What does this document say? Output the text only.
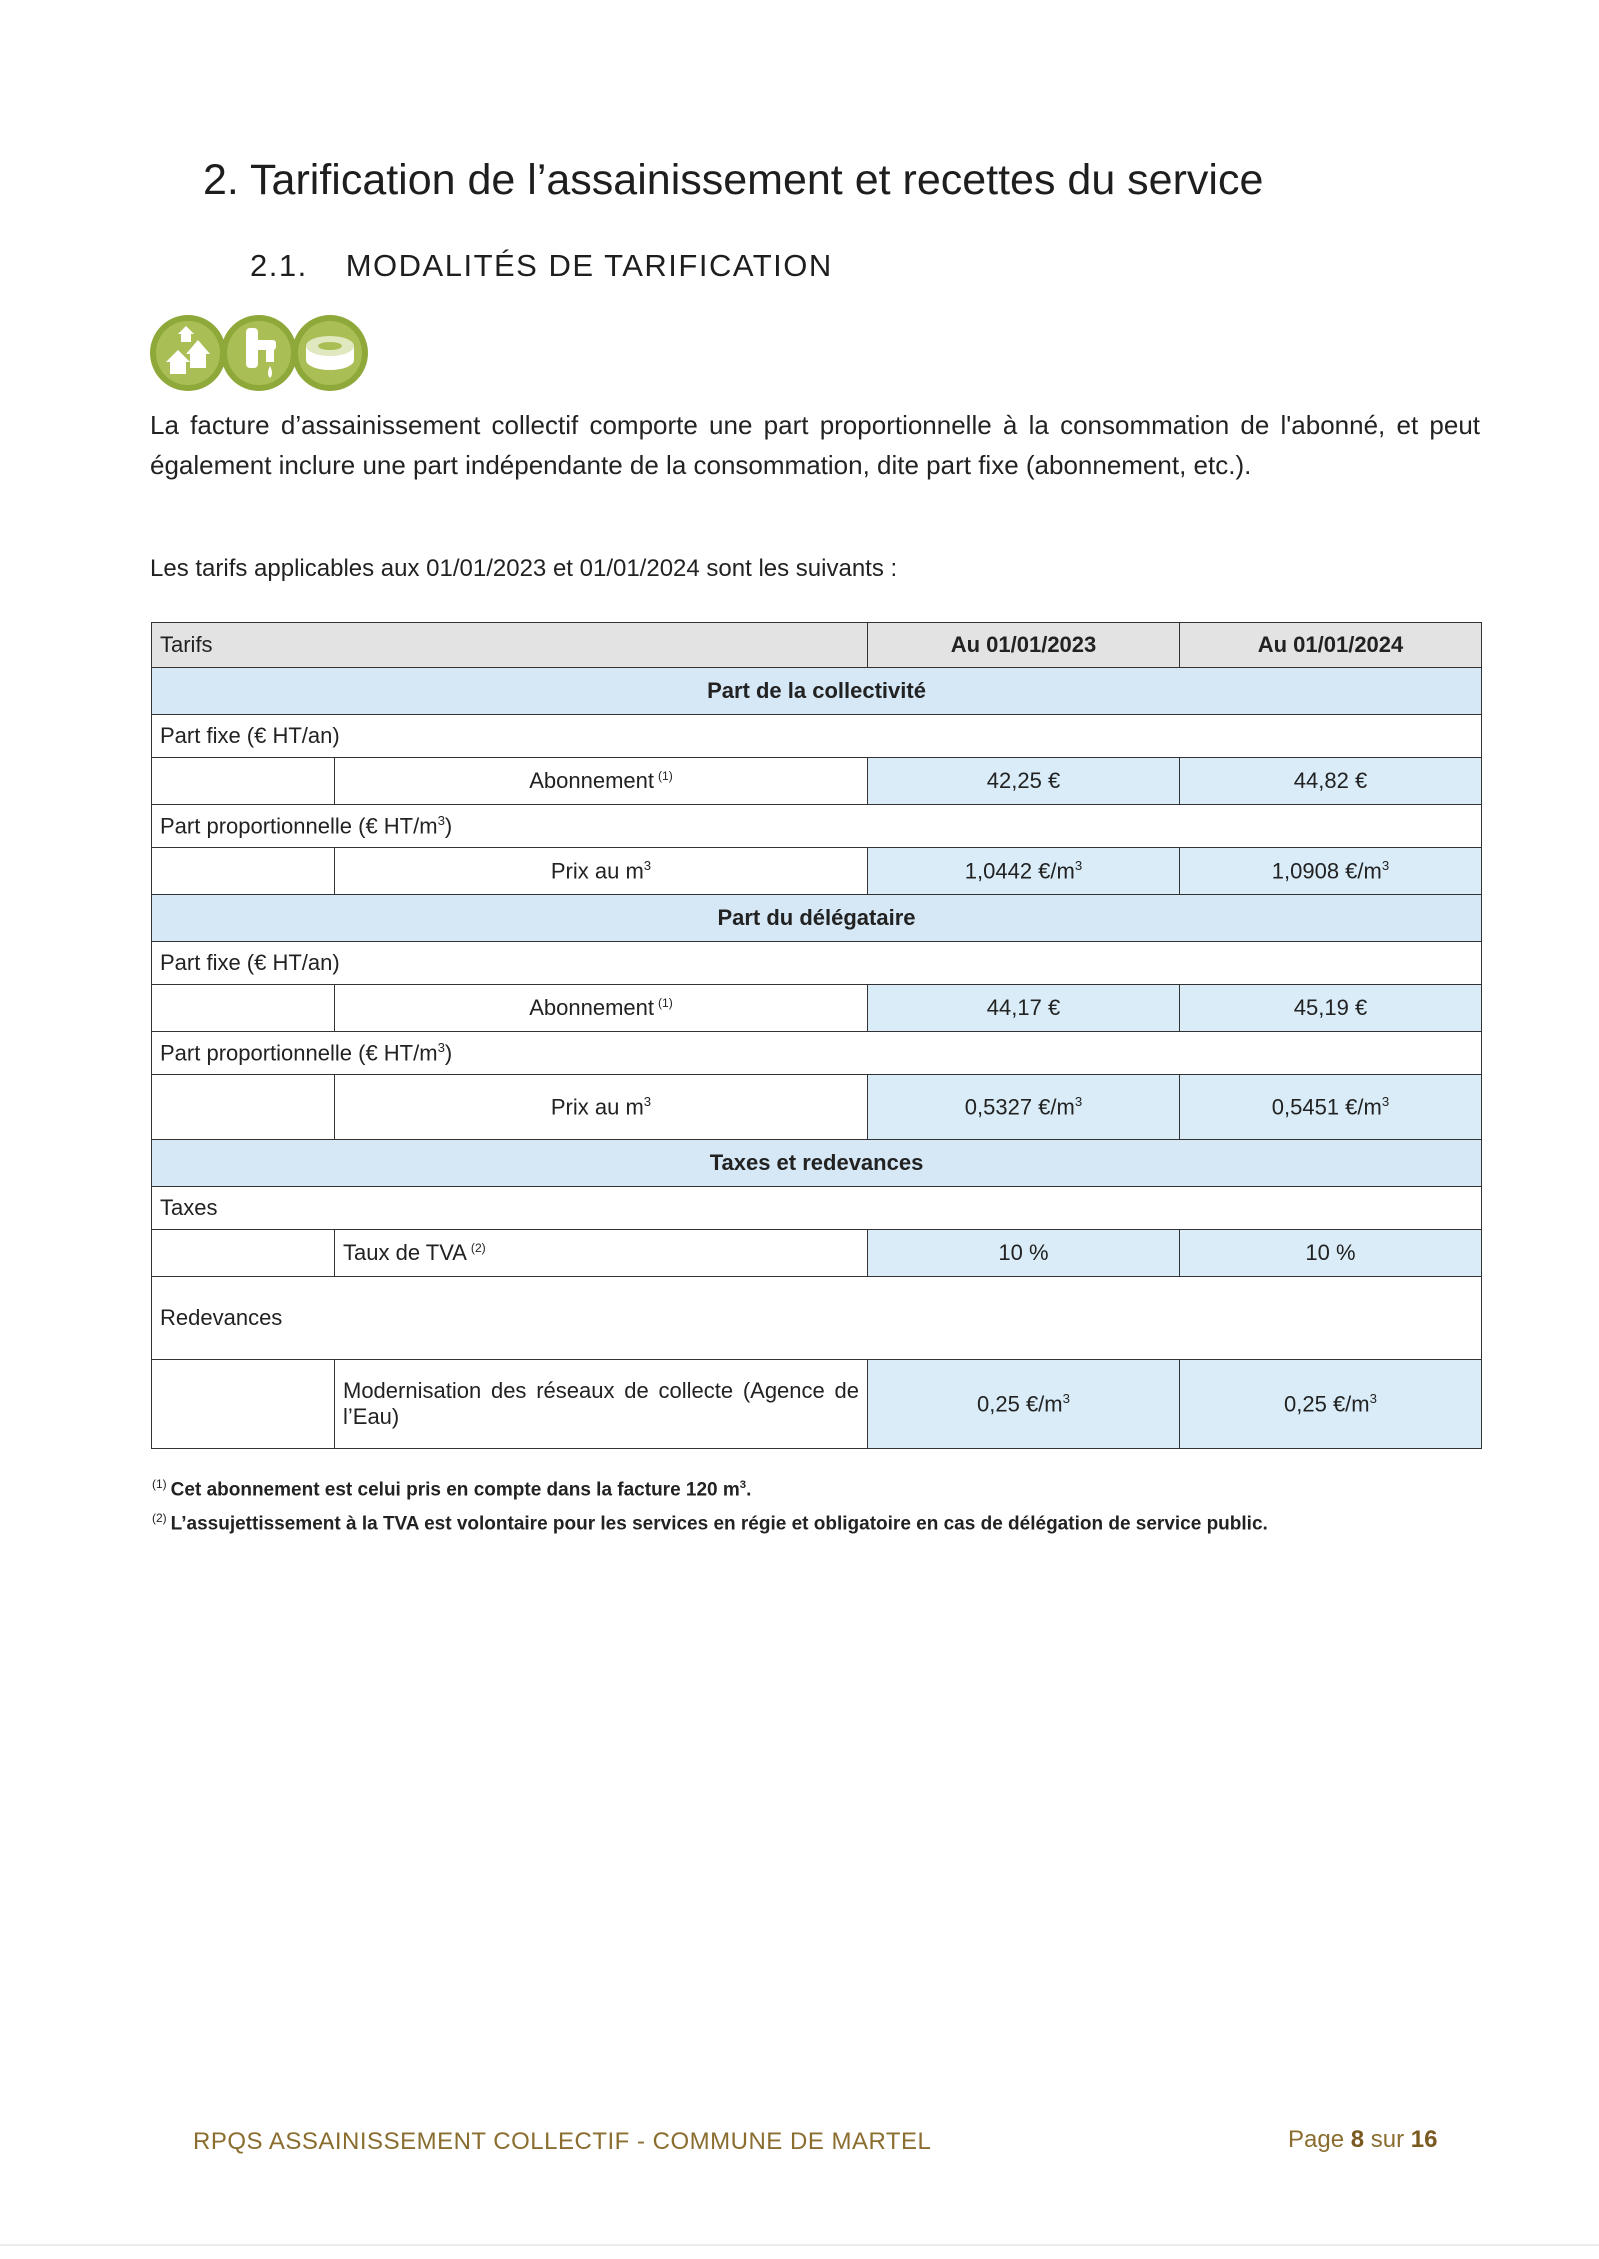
2. Tarification de l’assainissement et recettes du service
2.1. MODALITÉS DE TARIFICATION
La facture d’assainissement collectif comporte une part proportionnelle à la consommation de l'abonné, et peut également inclure une part indépendante de la consommation, dite part fixe (abonnement, etc.).
Les tarifs applicables aux 01/01/2023 et 01/01/2024 sont les suivants :
Tarifs		Au 01/01/2023	Au 01/01/2024
Part de la collectivité			
Part fixe (€ HT/an)			
	Abonnement $^{(1)}$	42,25 €	44,82 €
Part proportionnelle (€ $HT/m^3$)			
	Prix au $m^3$	1,0442 $€/m^3$	1,0908 $€/m^3$
Part du délégataire			
Part fixe (€ HT/an)			
	Abonnement $^{(1)}$	44,17 €	45,19 €
Part proportionnelle (€ $HT/m^3$)			
	Prix au $m^3$	0,5327 $€/m^3$	0,5451 $€/m^3$
Taxes et redevances			
Taxes			
	Taux de TVA $^{(2)}$	10 %	10 %
Redevances			
	Modernisation des réseaux de collecte (Agence de l’Eau)	0,25 $€/m^3$	0,25 $€/m^3$
$^{(1)}$ Cet abonnement est celui pris en compte dans la facture 120 $m^3$.
$^{(2)}$ L’assujettissement à la TVA est volontaire pour les services en régie et obligatoire en cas de délégation de service public.
RPQS ASSAINISSEMENT COLLECTIF - COMMUNE DE MARTEL	Page 8 sur 16
